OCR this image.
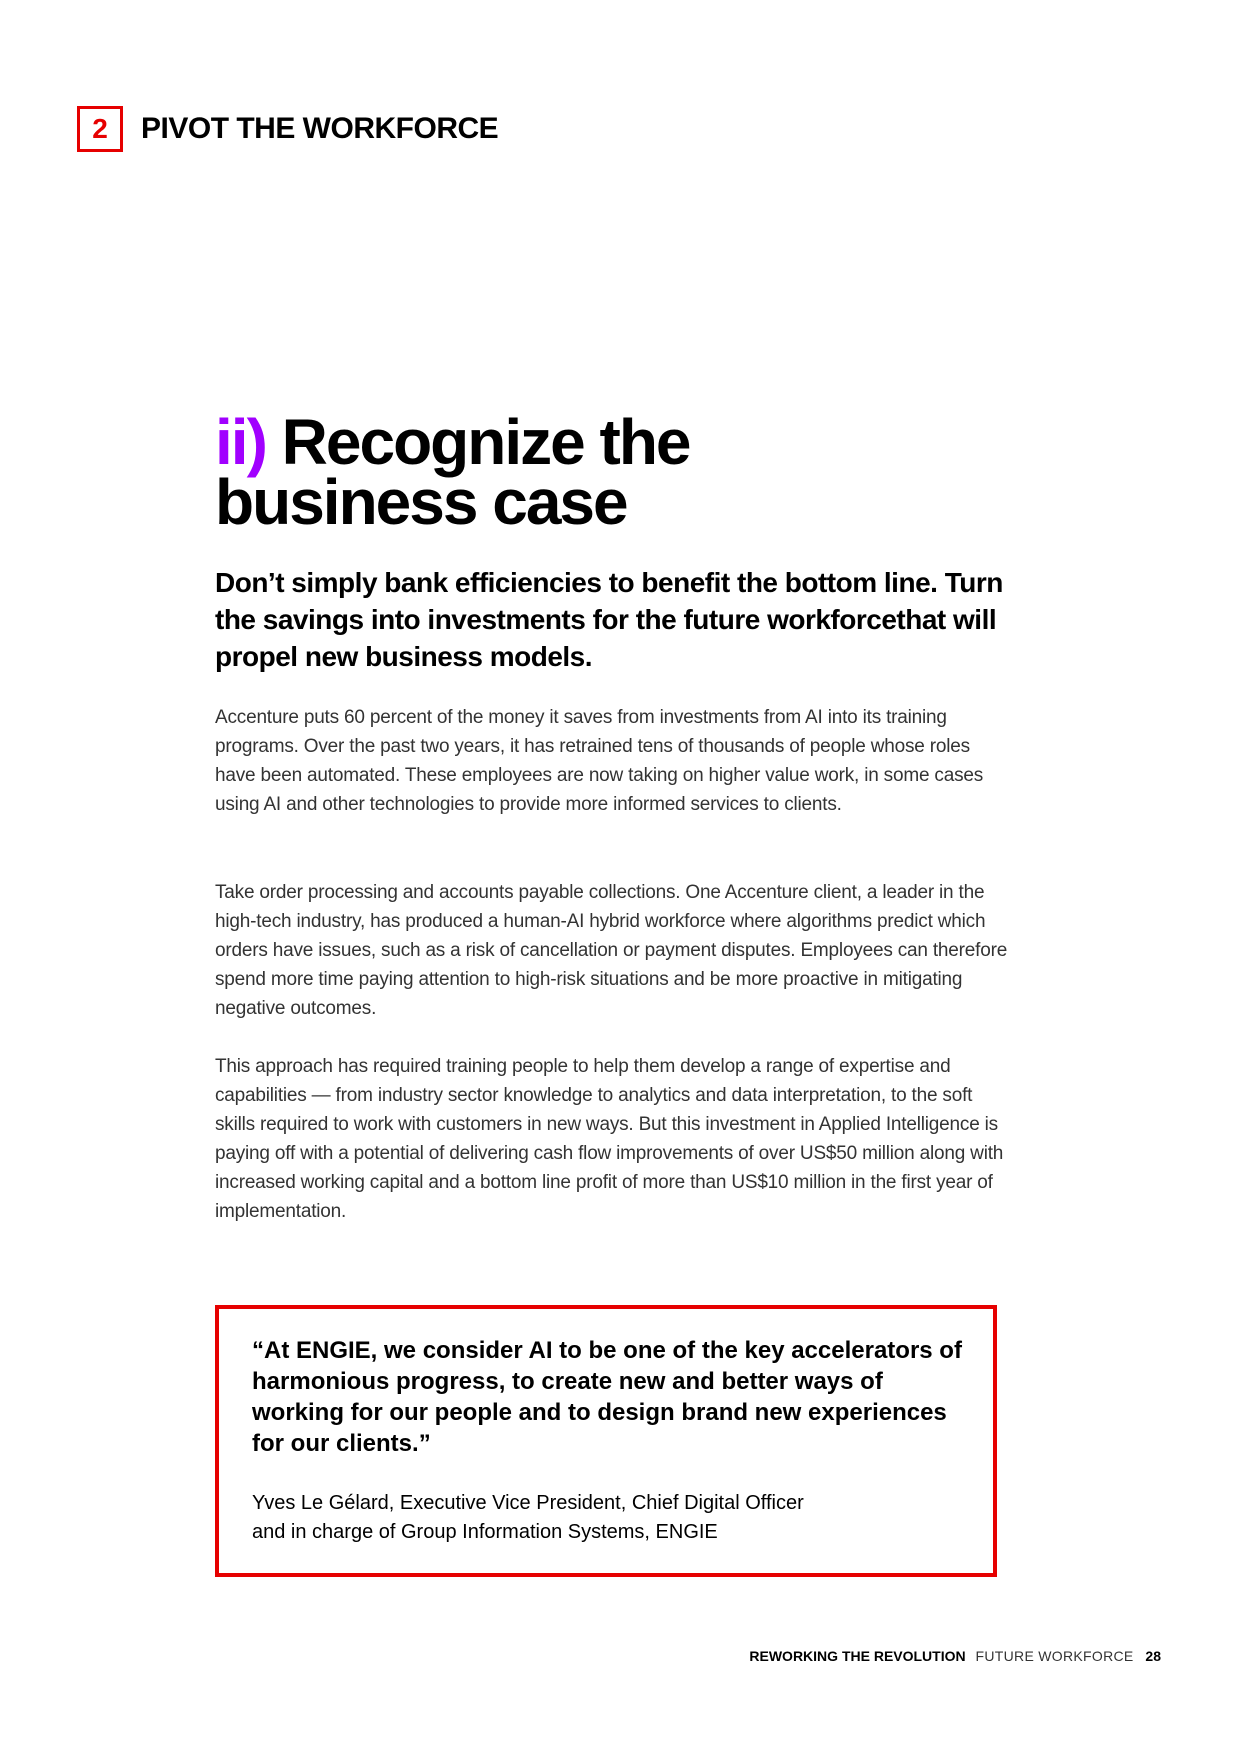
2	PIVOT THE WORKFORCE
ii) Recognize the
business case

Don’t simply bank efficiencies to benefit the bottom line. Turn the savings into investments for the future workforcethat will propel new business models.

Accenture puts 60 percent of the money it saves from investments from AI into its training programs. Over the past two years, it has retrained tens of thousands of people whose roles have been automated. These employees are now taking on higher value work, in some cases using AI and other technologies to provide more informed services to clients.

Take order processing and accounts payable collections. One Accenture client, a leader in the high-tech industry, has produced a human-AI hybrid workforce where algorithms predict which orders have issues, such as a risk of cancellation or payment disputes. Employees can therefore spend more time paying attention to high-risk situations and be more proactive in mitigating negative outcomes.

This approach has required training people to help them develop a range of expertise and capabilities — from industry sector knowledge to analytics and data interpretation, to the soft skills required to work with customers in new ways. But this investment in Applied Intelligence is paying off with a potential of delivering cash flow improvements of over US$50 million along with increased working capital and a bottom line profit of more than US$10 million in the first year of implementation.

“At ENGIE, we consider AI to be one of the key accelerators of harmonious progress, to create new and better ways of working for our people and to design brand new experiences for our clients.”

Yves Le Gélard, Executive Vice President, Chief Digital Officer
and in charge of Group Information Systems, ENGIE

REWORKING THE REVOLUTION FUTURE WORKFORCE 28
